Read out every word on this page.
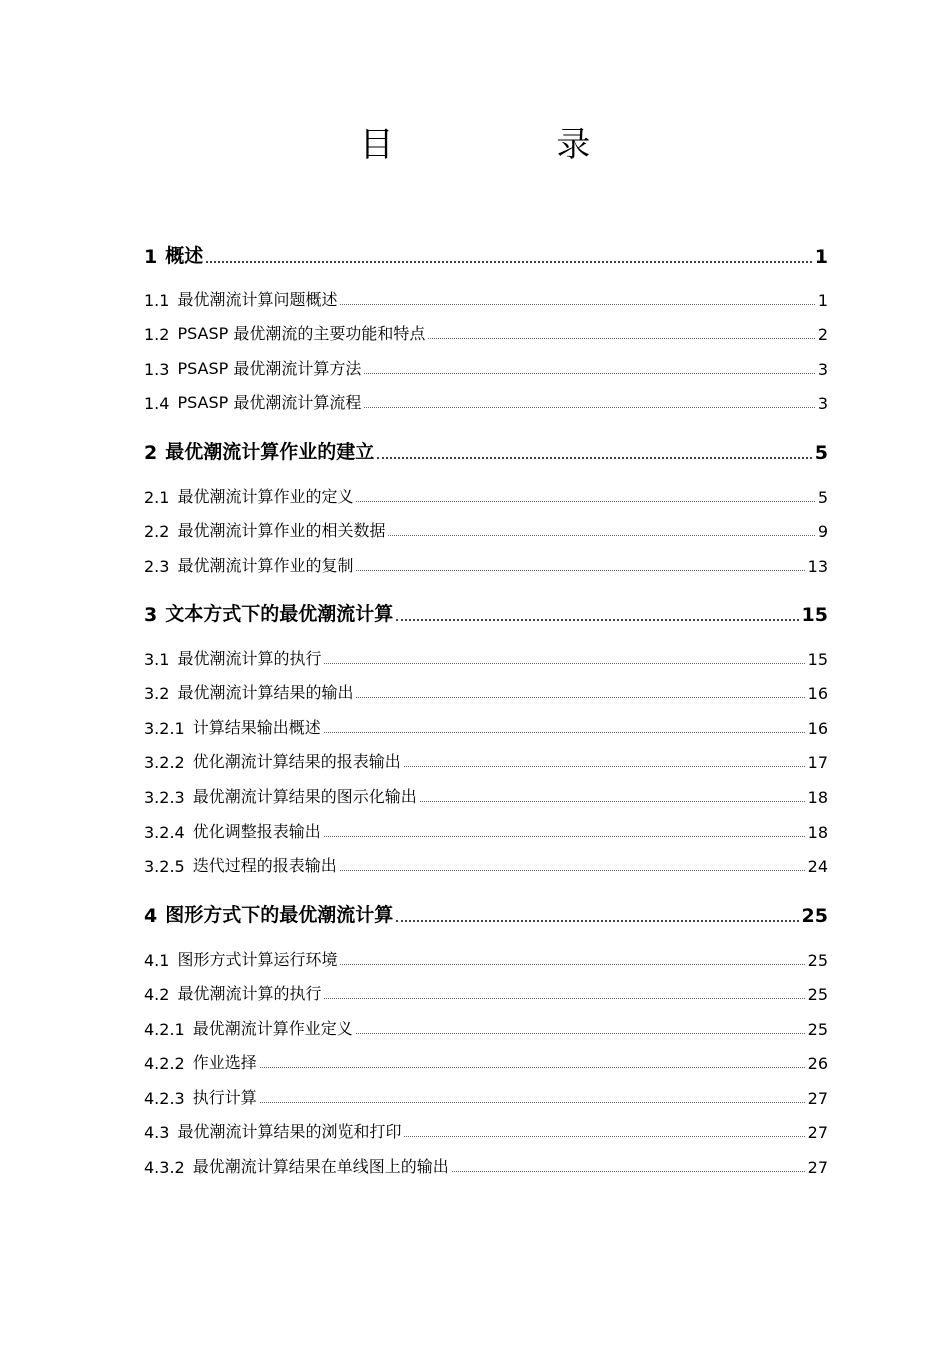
目 录
1 概述	1
1.1 最优潮流计算问题概述	1
1.2 PSASP 最优潮流的主要功能和特点	2
1.3 PSASP 最优潮流计算方法	3
1.4 PSASP 最优潮流计算流程	3
2 最优潮流计算作业的建立	5
2.1 最优潮流计算作业的定义	5
2.2 最优潮流计算作业的相关数据	9
2.3 最优潮流计算作业的复制	13
3 文本方式下的最优潮流计算	15
3.1 最优潮流计算的执行	15
3.2 最优潮流计算结果的输出	16
3.2.1 计算结果输出概述	16
3.2.2 优化潮流计算结果的报表输出	17
3.2.3 最优潮流计算结果的图示化输出	18
3.2.4 优化调整报表输出	18
3.2.5 迭代过程的报表输出	24
4 图形方式下的最优潮流计算	25
4.1 图形方式计算运行环境	25
4.2 最优潮流计算的执行	25
4.2.1 最优潮流计算作业定义	25
4.2.2 作业选择	26
4.2.3 执行计算	27
4.3 最优潮流计算结果的浏览和打印	27
4.3.2 最优潮流计算结果在单线图上的输出	27
